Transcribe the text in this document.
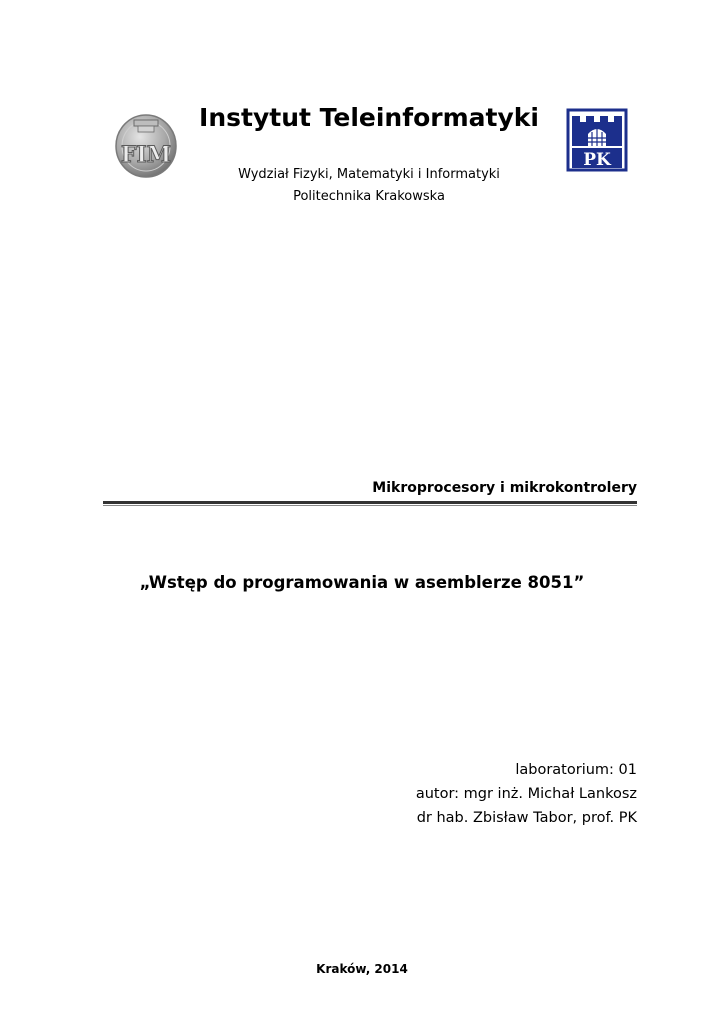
FIM
Instytut Teleinformatyki
Wydział Fizyki, Matematyki i Informatyki
Politechnika Krakowska
PK
Mikroprocesory i mikrokontrolery
„Wstęp do programowania w asemblerze 8051”
laboratorium: 01
autor: mgr inż. Michał Lankosz
dr hab. Zbisław Tabor, prof. PK
Kraków, 2014
